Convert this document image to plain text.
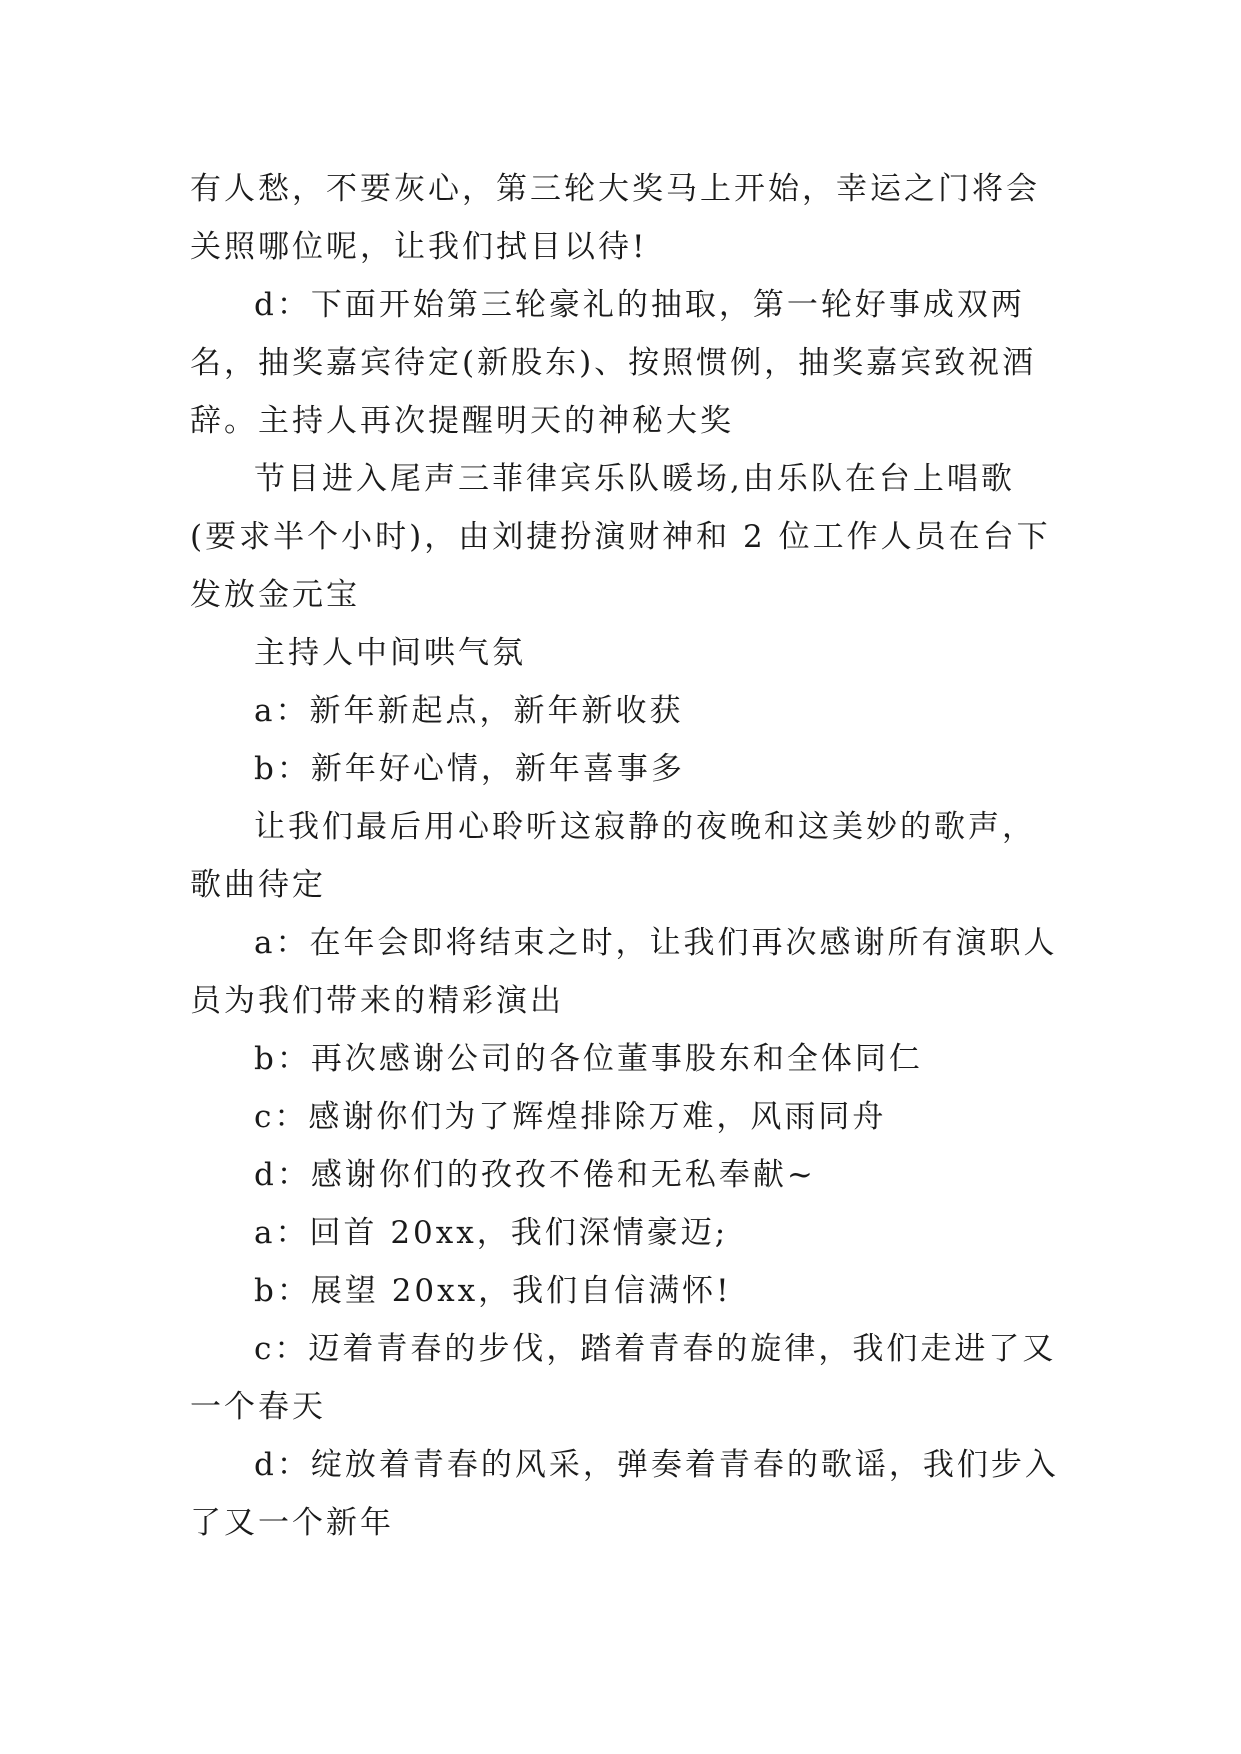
有人愁，不要灰心，第三轮大奖马上开始，幸运之门将会关照哪位呢，让我们拭目以待!

d：下面开始第三轮豪礼的抽取，第一轮好事成双两名，抽奖嘉宾待定(新股东)、按照惯例，抽奖嘉宾致祝酒辞。主持人再次提醒明天的神秘大奖

节目进入尾声三菲律宾乐队暖场,由乐队在台上唱歌(要求半个小时)，由刘捷扮演财神和 2 位工作人员在台下发放金元宝

主持人中间哄气氛

a：新年新起点，新年新收获

b：新年好心情，新年喜事多

让我们最后用心聆听这寂静的夜晚和这美妙的歌声，歌曲待定

a：在年会即将结束之时，让我们再次感谢所有演职人员为我们带来的精彩演出

b：再次感谢公司的各位董事股东和全体同仁

c：感谢你们为了辉煌排除万难，风雨同舟

d：感谢你们的孜孜不倦和无私奉献~

a：回首 20xx，我们深情豪迈;

b：展望 20xx，我们自信满怀!

c：迈着青春的步伐，踏着青春的旋律，我们走进了又一个春天

d：绽放着青春的风采，弹奏着青春的歌谣，我们步入了又一个新年
